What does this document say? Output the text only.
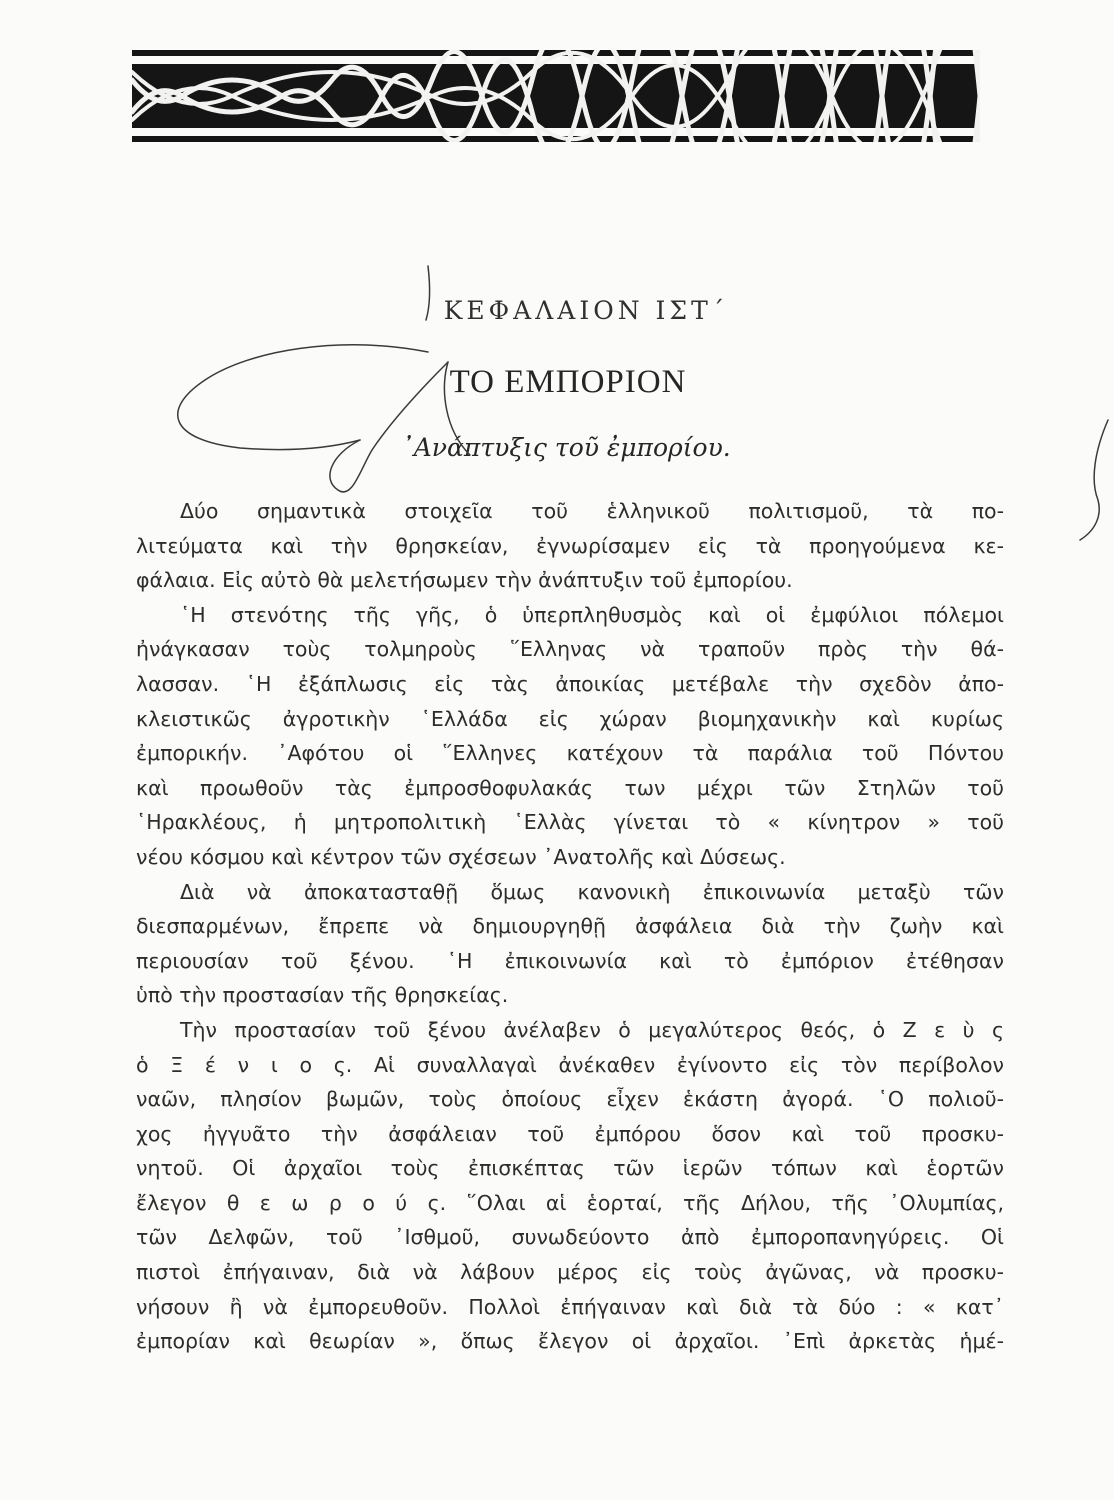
ΚΕΦΑΛΑΙΟΝ ΙΣΤ΄
ΤΟ ΕΜΠΟΡΙΟΝ
᾿Ανάπτυξις τοῦ ἐμπορίου.
Δύο σημαντικὰ στοιχεῖα τοῦ ἑλληνικοῦ πολιτισμοῦ, τὰ πο-
λιτεύματα καὶ τὴν θρησκείαν, ἐγνωρίσαμεν εἰς τὰ προηγούμενα κε-
φάλαια. Εἰς αὐτὸ θὰ μελετήσωμεν τὴν ἀνάπτυξιν τοῦ ἐμπορίου.
῾Η στενότης τῆς γῆς, ὁ ὑπερπληθυσμὸς καὶ οἱ ἐμφύλιοι πόλεμοι
ἠνάγκασαν τοὺς τολμηροὺς ῞Ελληνας νὰ τραποῦν πρὸς τὴν θά-
λασσαν. ῾Η ἐξάπλωσις εἰς τὰς ἀποικίας μετέβαλε τὴν σχεδὸν ἀπο-
κλειστικῶς ἀγροτικὴν ῾Ελλάδα εἰς χώραν βιομηχανικὴν καὶ κυρίως
ἐμπορικήν. ᾿Αφότου οἱ ῞Ελληνες κατέχουν τὰ παράλια τοῦ Πόντου
καὶ προωθοῦν τὰς ἐμπροσθοφυλακάς των μέχρι τῶν Στηλῶν τοῦ
῾Ηρακλέους, ἡ μητροπολιτικὴ ῾Ελλὰς γίνεται τὸ « κίνητρον » τοῦ
νέου κόσμου καὶ κέντρον τῶν σχέσεων ᾿Ανατολῆς καὶ Δύσεως.
Διὰ νὰ ἀποκατασταθῇ ὅμως κανονικὴ ἐπικοινωνία μεταξὺ τῶν
διεσπαρμένων, ἔπρεπε νὰ δημιουργηθῇ ἀσφάλεια διὰ τὴν ζωὴν καὶ
περιουσίαν τοῦ ξένου. ῾Η ἐπικοινωνία καὶ τὸ ἐμπόριον ἐτέθησαν
ὑπὸ τὴν προστασίαν τῆς θρησκείας.
Τὴν προστασίαν τοῦ ξένου ἀνέλαβεν ὁ μεγαλύτερος θεός, ὁ Ζ ε ὺ ς
ὁ Ξ έ ν ι ο ς. Αἱ συναλλαγαὶ ἀνέκαθεν ἐγίνοντο εἰς τὸν περίβολον
ναῶν, πλησίον βωμῶν, τοὺς ὁποίους εἶχεν ἑκάστη ἀγορά. ῾Ο πολιοῦ-
χος ἠγγυᾶτο τὴν ἀσφάλειαν τοῦ ἐμπόρου ὅσον καὶ τοῦ προσκυ-
νητοῦ. Οἱ ἀρχαῖοι τοὺς ἐπισκέπτας τῶν ἱερῶν τόπων καὶ ἑορτῶν
ἔλεγον θ ε ω ρ ο ύ ς. ῞Ολαι αἱ ἑορταί, τῆς Δήλου, τῆς ᾿Ολυμπίας,
τῶν Δελφῶν, τοῦ ᾿Ισθμοῦ, συνωδεύοντο ἀπὸ ἐμποροπανηγύρεις. Οἱ
πιστοὶ ἐπήγαιναν, διὰ νὰ λάβουν μέρος εἰς τοὺς ἀγῶνας, νὰ προσκυ-
νήσουν ἢ νὰ ἐμπορευθοῦν. Πολλοὶ ἐπήγαιναν καὶ διὰ τὰ δύο : « κατ᾿
ἐμπορίαν καὶ θεωρίαν », ὅπως ἔλεγον οἱ ἀρχαῖοι. ᾿Επὶ ἀρκετὰς ἡμέ-
